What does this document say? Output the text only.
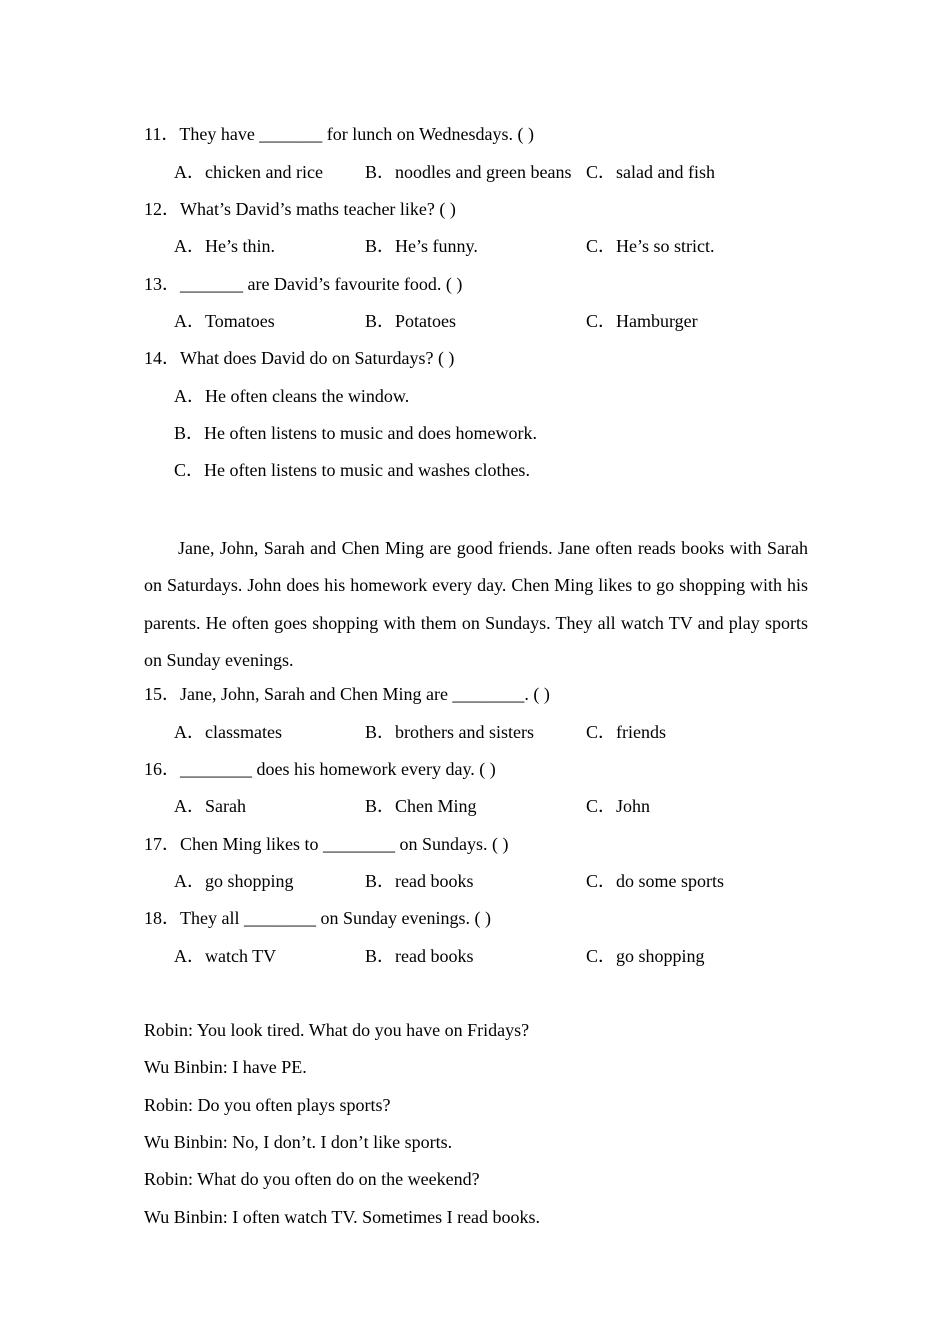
11．They have _______ for lunch on Wednesdays. ( )
A．chicken and rice B．noodles and green beans C．salad and fish
12．What’s David’s maths teacher like? ( )
A．He’s thin.	B．He’s funny.	C．He’s so strict.
13．_______ are David’s favourite food. ( )
A．Tomatoes	B．Potatoes	C．Hamburger
14．What does David do on Saturdays? ( )
A．He often cleans the window.
B．He often listens to music and does homework.
C．He often listens to music and washes clothes.

Jane, John, Sarah and Chen Ming are good friends. Jane often reads books with Sarah on Saturdays. John does his homework every day. Chen Ming likes to go shopping with his parents. He often goes shopping with them on Sundays. They all watch TV and play sports on Sunday evenings.

15．Jane, John, Sarah and Chen Ming are ________. ( )
A．classmates	B．brothers and sisters	C．friends
16．________ does his homework every day. ( )
A．Sarah	B．Chen Ming	C．John
17．Chen Ming likes to ________ on Sundays. ( )
A．go shopping	B．read books	C．do some sports
18．They all ________ on Sunday evenings. ( )
A．watch TV	B．read books	C．go shopping
Robin: You look tired. What do you have on Fridays?
Wu Binbin: I have PE.
Robin: Do you often plays sports?
Wu Binbin: No, I don’t. I don’t like sports.
Robin: What do you often do on the weekend?
Wu Binbin: I often watch TV. Sometimes I read books.
